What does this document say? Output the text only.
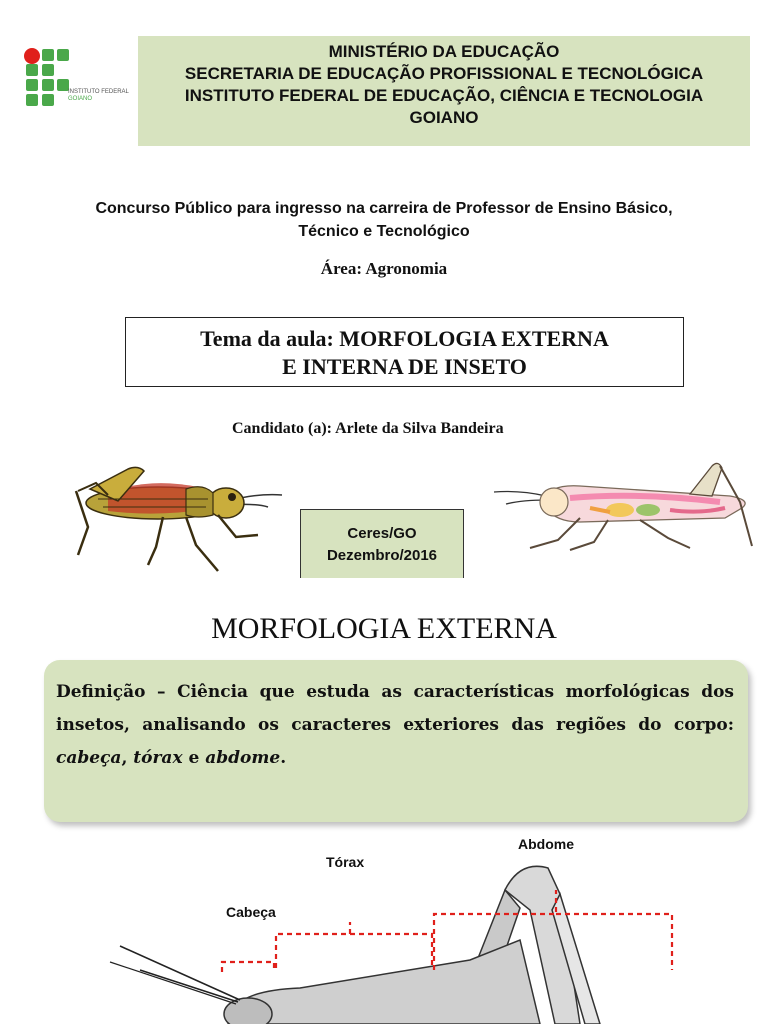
INSTITUTO FEDERAL
GOIANO
MINISTÉRIO DA EDUCAÇÃO
SECRETARIA DE EDUCAÇÃO PROFISSIONAL E TECNOLÓGICA
INSTITUTO FEDERAL DE EDUCAÇÃO, CIÊNCIA E TECNOLOGIA
GOIANO
Concurso Público para ingresso na carreira de Professor de Ensino Básico,
Técnico e Tecnológico
Área: Agronomia
Tema da aula: MORFOLOGIA EXTERNA
E INTERNA DE INSETO
Candidato (a): Arlete da Silva Bandeira
Ceres/GO
Dezembro/2016
MORFOLOGIA EXTERNA
Definição – Ciência que estuda as características morfológicas dos insetos, analisando os caracteres exteriores das regiões do corpo: cabeça, tórax e abdome.
Tórax
Abdome
Cabeça
